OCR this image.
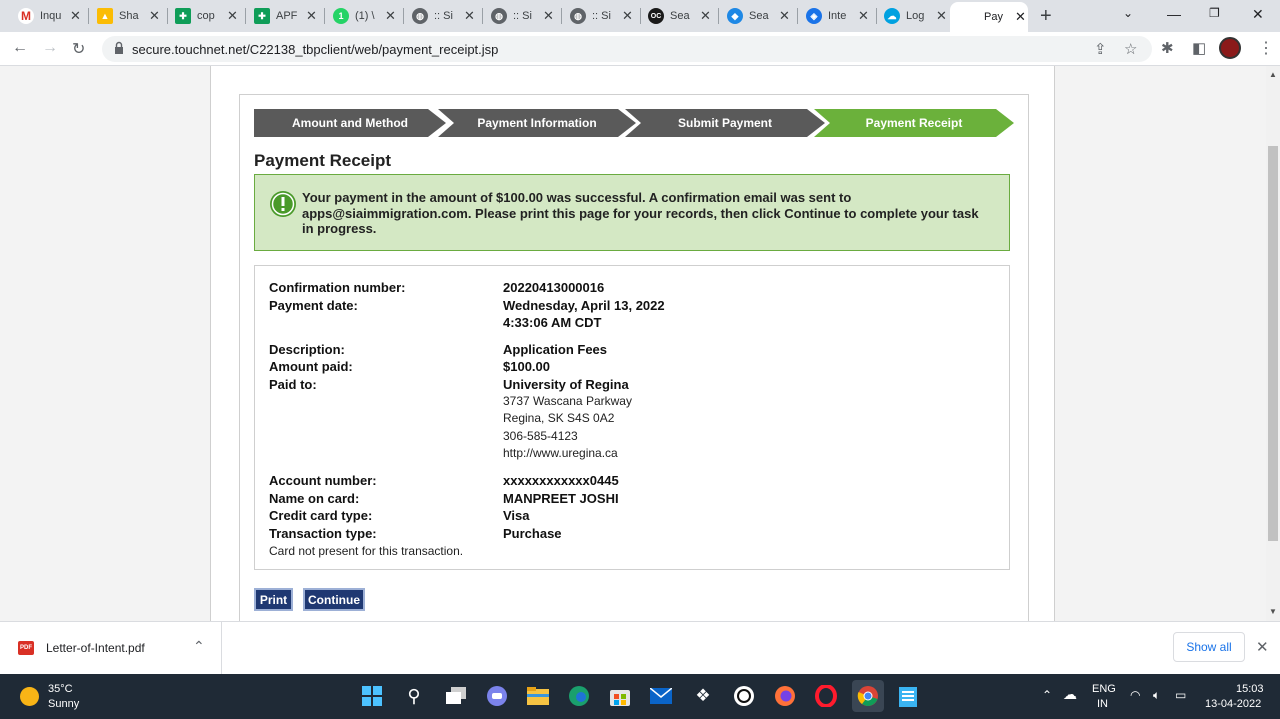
M Inqu ✕	▲ Sha ✕	✚ cop ✕	✚ APF ✕	1	(1) \ ✕	◍ :: Si ✕	◍ :: Si ✕	◍ :: Si ✕	OC Sea ✕	◆ Sea ✕	◈ Inte ✕	☁ Log ✕	Pay ✕ +	⌄ — ❐ ✕
← → ↻	secure.touchnet.net/C22138_tbpclient/web/payment_receipt.jsp	⇪ ☆ ✱ ◧	⋮
Amount and Method	Payment Information	Submit Payment	Payment Receipt
Payment Receipt
Your payment in the amount of $100.00 was successful. A confirmation email was sent to apps@siaimmigration.com. Please print this page for your records, then click Continue to complete your task in progress.
Confirmation number:	20220413000016
Payment date:	Wednesday, April 13, 2022
4:33:06 AM CDT
Description:	Application Fees
Amount paid:	$100.00
Paid to:	University of Regina
3737 Wascana Parkway
Regina, SK S4S 0A2
306-585-4123
http://www.uregina.ca
Account number:	xxxxxxxxxxxx0445
Name on card:	MANPREET JOSHI
Credit card type:	Visa
Transaction type:	Purchase
Card not present for this transaction.
Print	Continue
▲
▼
PDF Letter-of-Intent.pdf	⌃	Show all	✕
35°C
Sunny	⚲	❖	⌃ ☁ ENG
IN
◠ 🔈︎ ▭	15:03
13-04-2022
